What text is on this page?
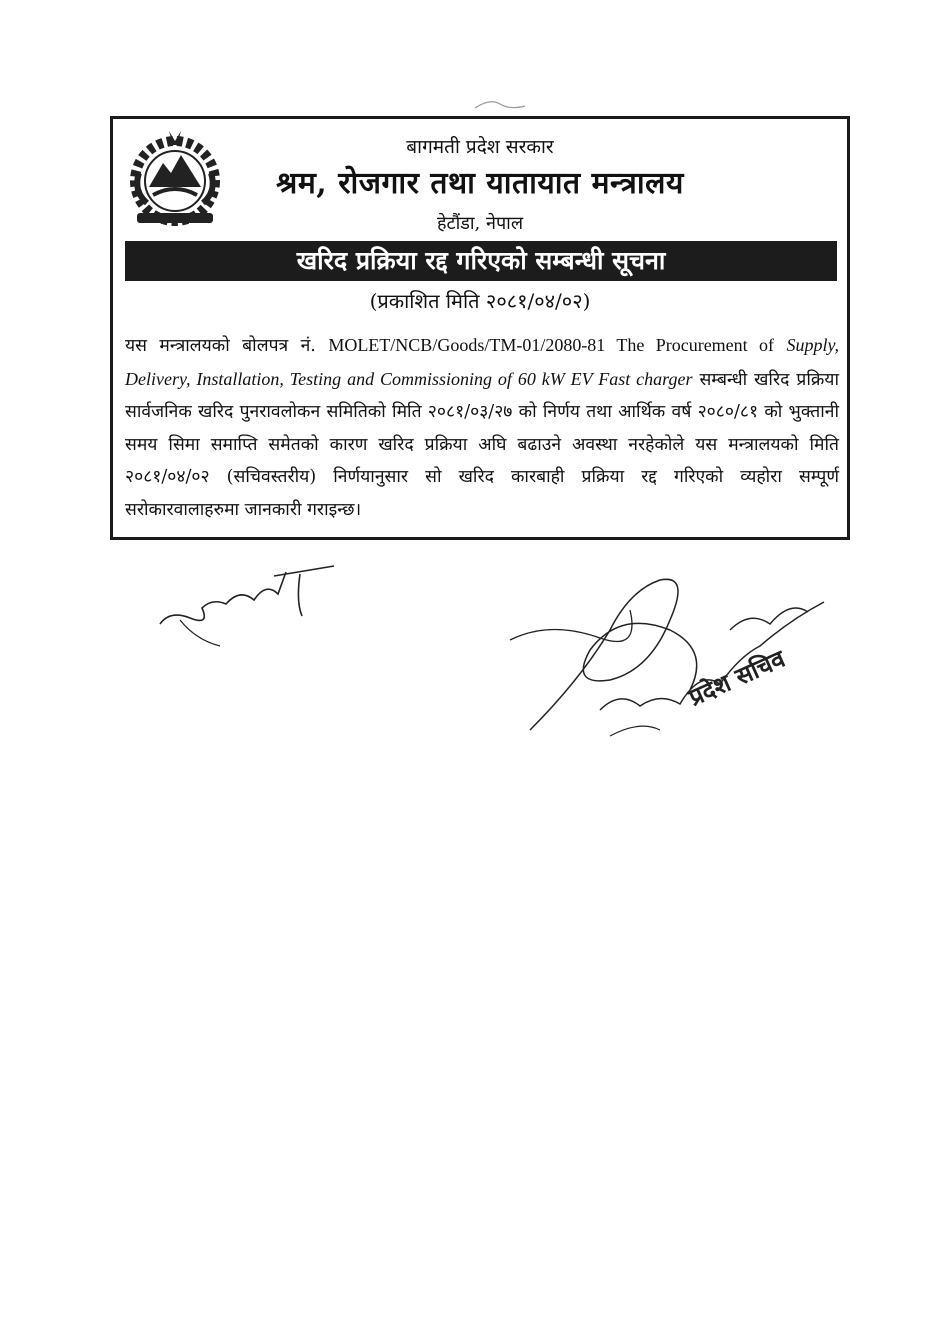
बागमती प्रदेश सरकार
श्रम, रोजगार तथा यातायात मन्त्रालय
हेटौंडा, नेपाल
खरिद प्रक्रिया रद्द गरिएको सम्बन्धी सूचना
(प्रकाशित मिति २०८१/०४/०२)
यस मन्त्रालयको बोलपत्र नं. MOLET/NCB/Goods/TM-01/2080-81 The Procurement of Supply, Delivery, Installation, Testing and Commissioning of 60 kW EV Fast charger सम्बन्धी खरिद प्रक्रिया सार्वजनिक खरिद पुनरावलोकन समितिको मिति २०८१/०३/२७ को निर्णय तथा आर्थिक वर्ष २०८०/८१ को भुक्तानी समय सिमा समाप्ति समेतको कारण खरिद प्रक्रिया अघि बढाउने अवस्था नरहेकोले यस मन्त्रालयको मिति २०८१/०४/०२ (सचिवस्तरीय) निर्णयानुसार सो खरिद कारबाही प्रक्रिया रद्द गरिएको व्यहोरा सम्पूर्ण सरोकारवालाहरुमा जानकारी गराइन्छ।
प्रदेश सचिव
